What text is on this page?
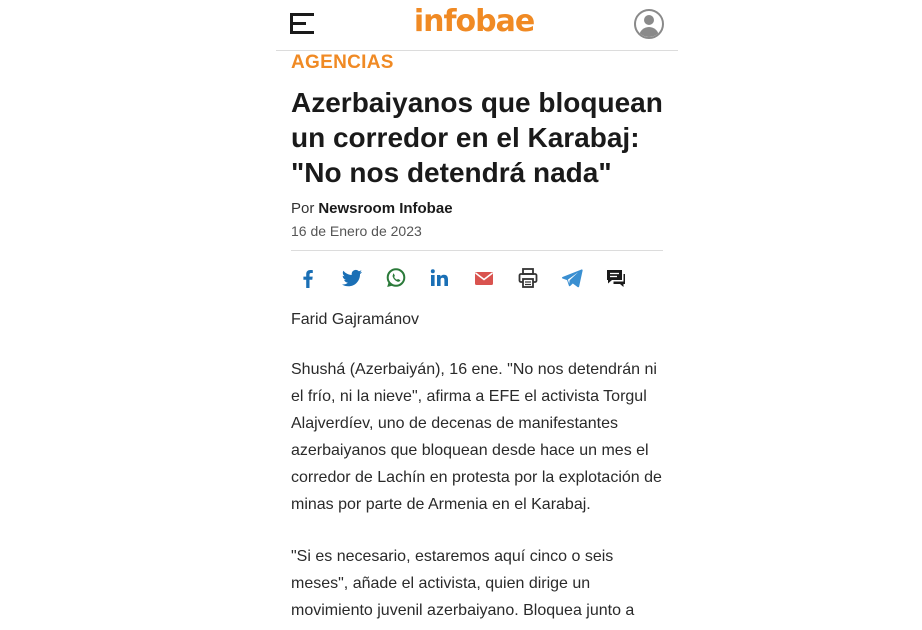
infobae
AGENCIAS
Azerbaiyanos que bloquean un corredor en el Karabaj: "No nos detendrá nada"
Por Newsroom Infobae
16 de Enero de 2023

Farid Gajramánov

Shushá (Azerbaiyán), 16 ene. "No nos detendrán ni el frío, ni la nieve", afirma a EFE el activista Torgul Alajverdíev, uno de decenas de manifestantes azerbaiyanos que bloquean desde hace un mes el corredor de Lachín en protesta por la explotación de minas por parte de Armenia en el Karabaj.

"Si es necesario, estaremos aquí cinco o seis meses", añade el activista, quien dirige un movimiento juvenil azerbaiyano. Bloquea junto a
